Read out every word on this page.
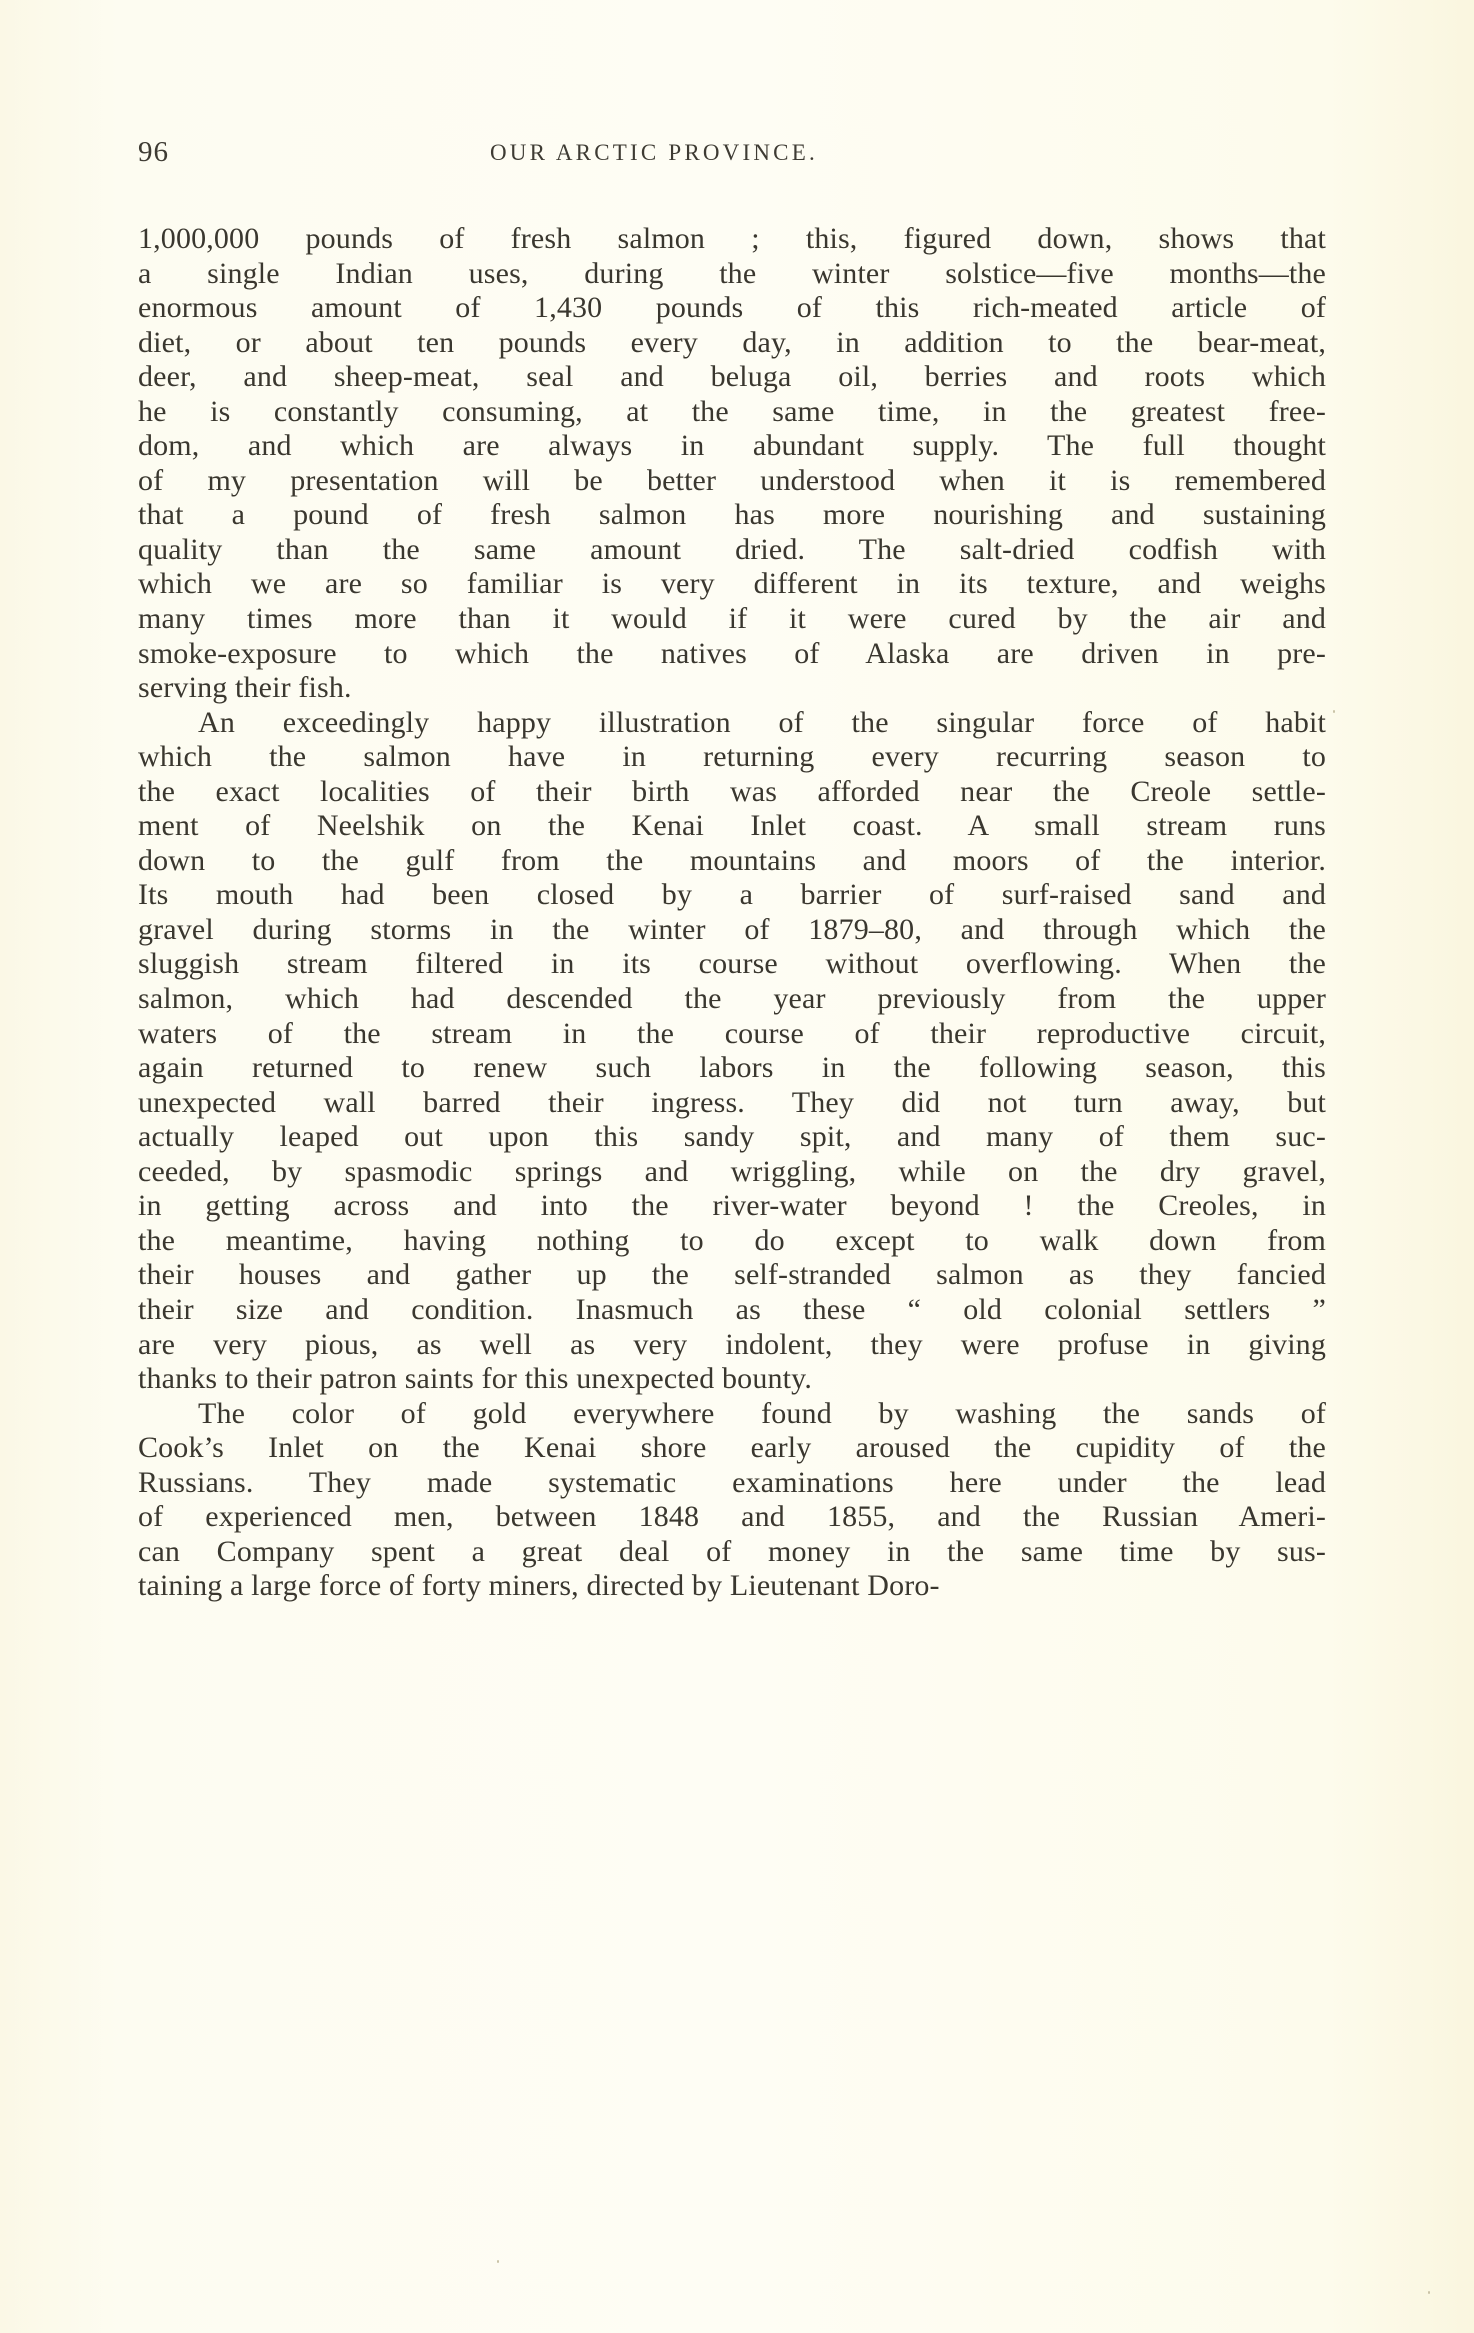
96	OUR ARCTIC PROVINCE.
1,000,000 pounds of fresh salmon ; this, figured down, shows that
a single Indian uses, during the winter solstice—five months—the
enormous amount of 1,430 pounds of this rich-meated article of
diet, or about ten pounds every day, in addition to the bear-meat,
deer, and sheep-meat, seal and beluga oil, berries and roots which
he is constantly consuming, at the same time, in the greatest free-
dom, and which are always in abundant supply. The full thought
of my presentation will be better understood when it is remembered
that a pound of fresh salmon has more nourishing and sustaining
quality than the same amount dried. The salt-dried codfish with
which we are so familiar is very different in its texture, and weighs
many times more than it would if it were cured by the air and
smoke-exposure to which the natives of Alaska are driven in pre-
serving their fish.
An exceedingly happy illustration of the singular force of habit
which the salmon have in returning every recurring season to
the exact localities of their birth was afforded near the Creole settle-
ment of Neelshik on the Kenai Inlet coast. A small stream runs
down to the gulf from the mountains and moors of the interior.
Its mouth had been closed by a barrier of surf-raised sand and
gravel during storms in the winter of 1879–80, and through which the
sluggish stream filtered in its course without overflowing. When the
salmon, which had descended the year previously from the upper
waters of the stream in the course of their reproductive circuit,
again returned to renew such labors in the following season, this
unexpected wall barred their ingress. They did not turn away, but
actually leaped out upon this sandy spit, and many of them suc-
ceeded, by spasmodic springs and wriggling, while on the dry gravel,
in getting across and into the river-water beyond ! the Creoles, in
the meantime, having nothing to do except to walk down from
their houses and gather up the self-stranded salmon as they fancied
their size and condition. Inasmuch as these “ old colonial settlers ”
are very pious, as well as very indolent, they were profuse in giving
thanks to their patron saints for this unexpected bounty.
The color of gold everywhere found by washing the sands of
Cook’s Inlet on the Kenai shore early aroused the cupidity of the
Russians. They made systematic examinations here under the lead
of experienced men, between 1848 and 1855, and the Russian Ameri-
can Company spent a great deal of money in the same time by sus-
taining a large force of forty miners, directed by Lieutenant Doro-
